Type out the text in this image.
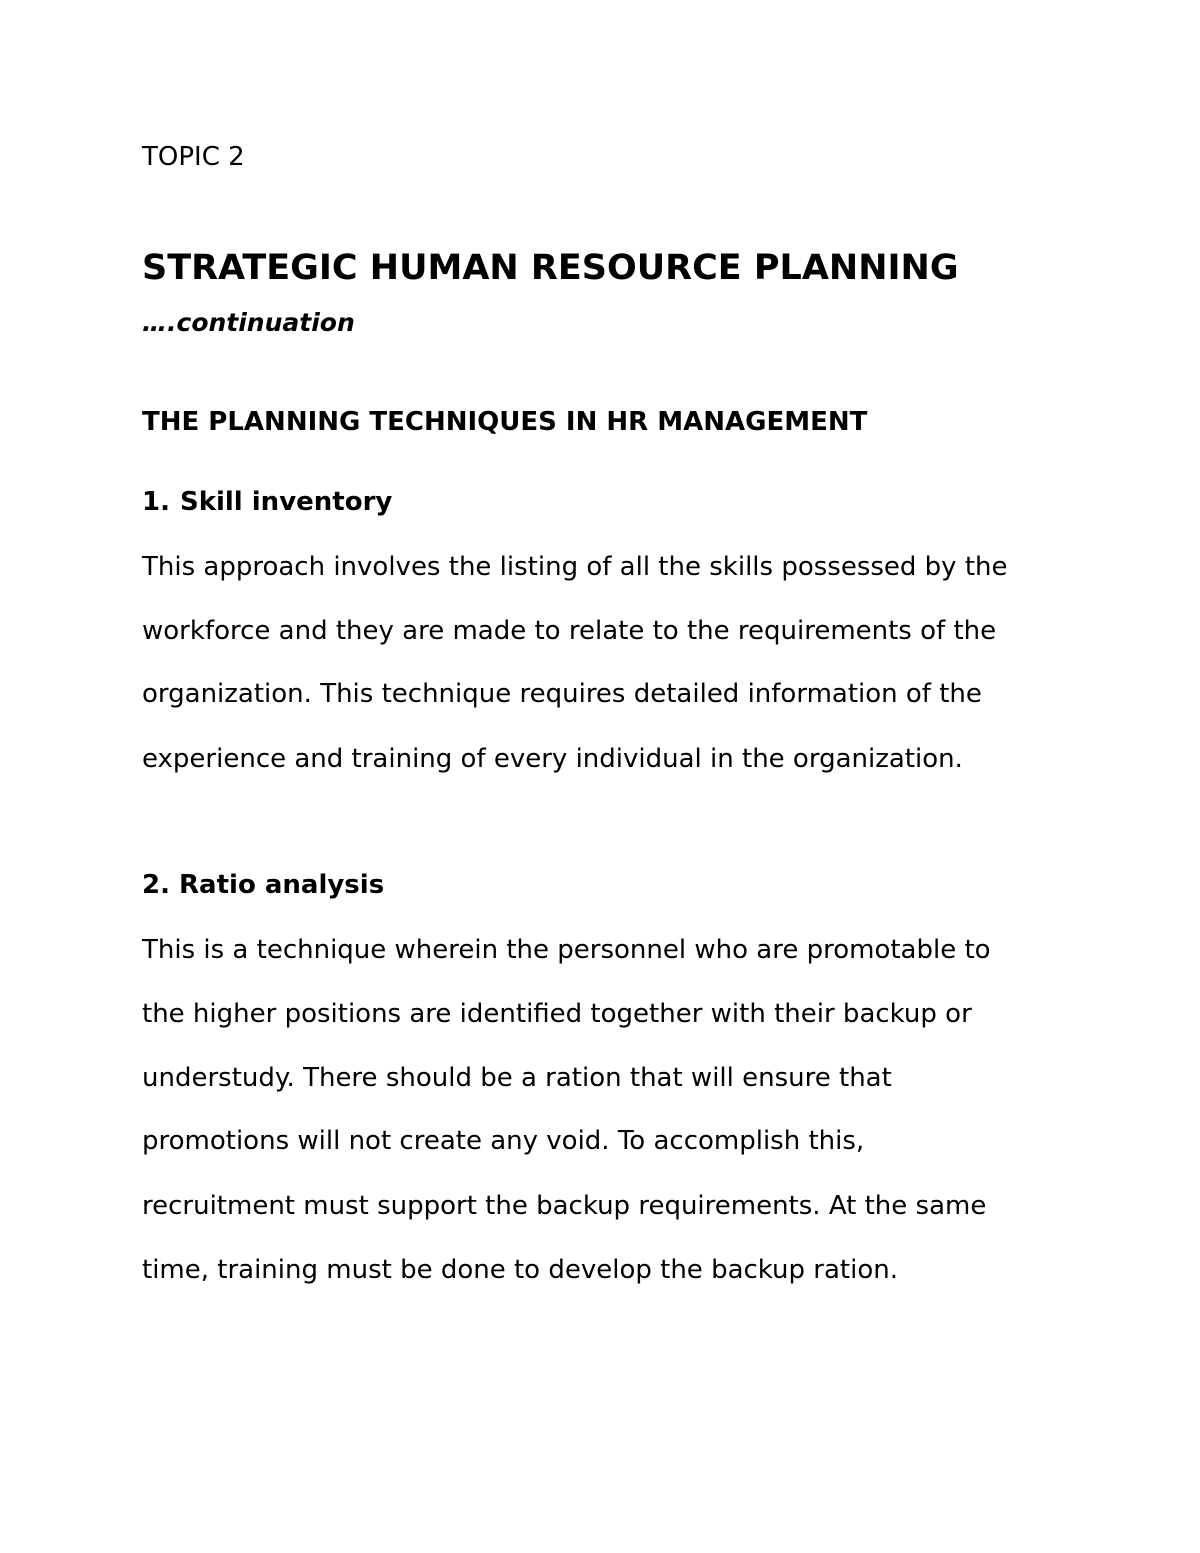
TOPIC 2

STRATEGIC HUMAN RESOURCE PLANNING

….continuation

THE PLANNING TECHNIQUES IN HR MANAGEMENT
1. Skill inventory

This approach involves the listing of all the skills possessed by the

workforce and they are made to relate to the requirements of the

organization. This technique requires detailed information of the

experience and training of every individual in the organization.

2. Ratio analysis

This is a technique wherein the personnel who are promotable to

the higher positions are identified together with their backup or

understudy. There should be a ration that will ensure that

promotions will not create any void. To accomplish this,

recruitment must support the backup requirements. At the same

time, training must be done to develop the backup ration.
